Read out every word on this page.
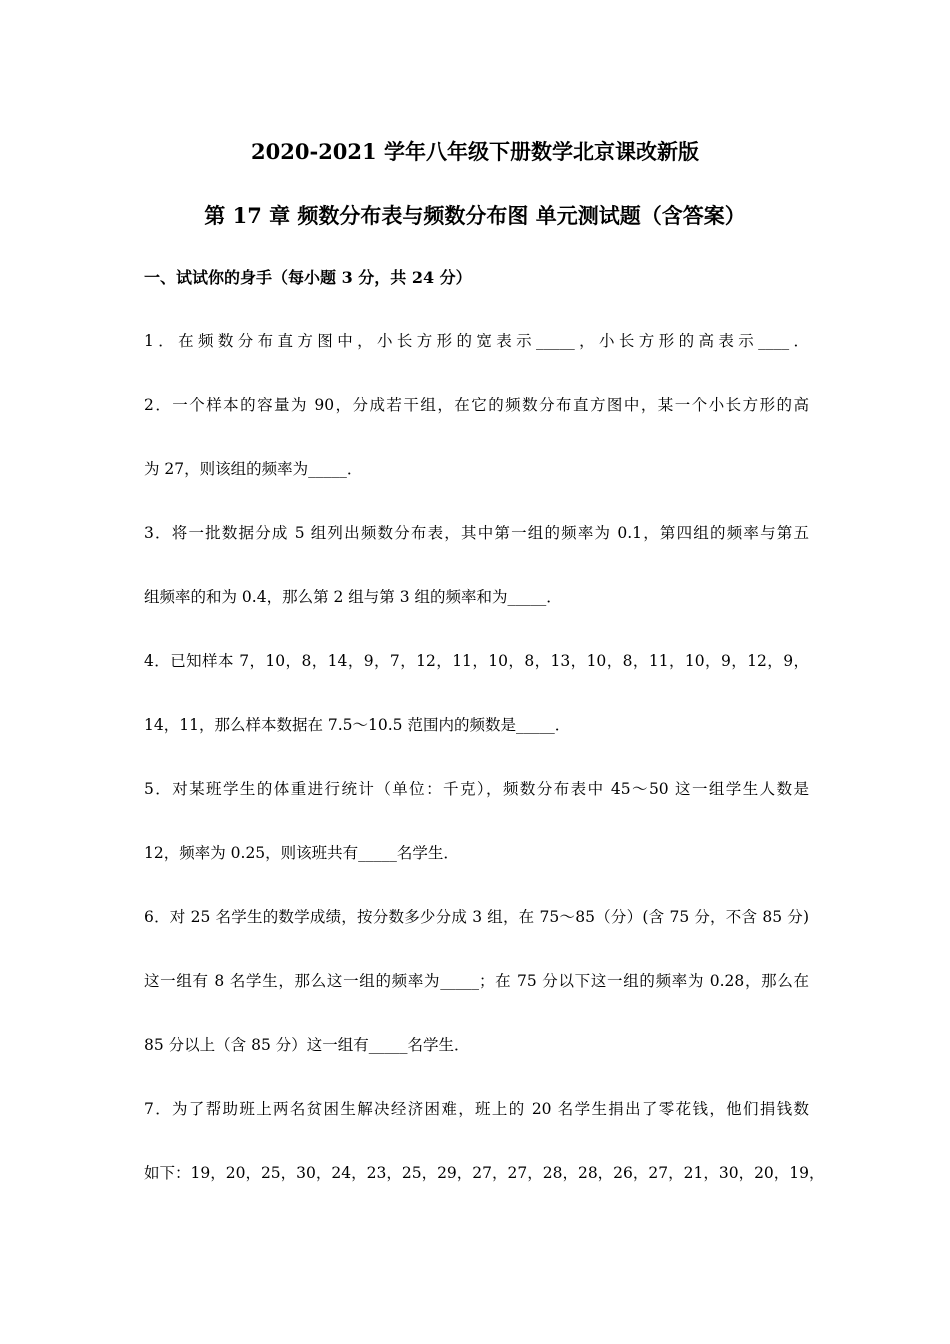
2020-2021 学年八年级下册数学北京课改新版
第 17 章 频数分布表与频数分布图 单元测试题（含答案）
一、试试你的身手（每小题 3 分，共 24 分）
1．在频数分布直方图中，小长方形的宽表示_____，小长方形的高表示____．
2．一个样本的容量为 90，分成若干组，在它的频数分布直方图中，某一个小长方形的高
为 27，则该组的频率为_____．
3．将一批数据分成 5 组列出频数分布表，其中第一组的频率为 0.1，第四组的频率与第五
组频率的和为 0.4，那么第 2 组与第 3 组的频率和为_____．
4．已知样本 7，10，8，14，9，7，12，11，10，8，13，10，8，11，10，9，12，9，
14，11，那么样本数据在 7.5～10.5 范围内的频数是_____．
5．对某班学生的体重进行统计（单位：千克），频数分布表中 45～50 这一组学生人数是
12，频率为 0.25，则该班共有_____名学生．
6．对 25 名学生的数学成绩，按分数多少分成 3 组，在 75～85（分）(含 75 分，不含 85 分)
这一组有 8 名学生，那么这一组的频率为_____；在 75 分以下这一组的频率为 0.28，那么在
85 分以上（含 85 分）这一组有_____名学生．
7．为了帮助班上两名贫困生解决经济困难，班上的 20 名学生捐出了零花钱，他们捐钱数
如下：19，20，25，30，24，23，25，29，27，27，28，28，26，27，21，30，20，19，
